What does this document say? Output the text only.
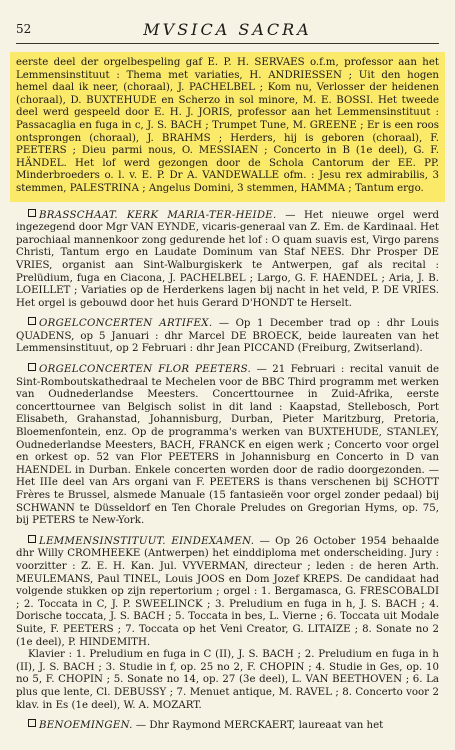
52	MVSICA SACRA

eerste deel der orgelbespeling gaf E. P. H. SERVAES o.f.m, professor aan het Lemmensinstituut : Thema met variaties, H. ANDRIESSEN ; Uit den hogen hemel daal ik neer, (choraal), J. PACHELBEL ; Kom nu, Verlosser der heidenen (choraal), D. BUXTEHUDE en Scherzo in sol minore, M. E. BOSSI. Het tweede deel werd gespeeld door E. H. J. JORIS, professor aan het Lemmensinstituut : Passacaglia en fuga in c, J. S. BACH ; Trumpet Tune, M. GREENE ; Er is een roos ontsprongen (choraal), J. BRAHMS ; Herders, hij is geboren (choraal), F. PEETERS ; Dieu parmi nous, O. MESSIAEN ; Concerto in B (1e deel), G. F. HÄNDEL. Het lof werd gezongen door de Schola Cantorum der EE. PP. Minderbroeders o. l. v. E. P. Dr A. VANDEWALLE ofm. : Jesu rex admirabilis, 3 stemmen, PALESTRINA ; Angelus Domini, 3 stemmen, HAMMA ; Tantum ergo.

BRASSCHAAT. KERK MARIA-TER-HEIDE. — Het nieuwe orgel werd ingezegend door Mgr VAN EYNDE, vicaris-generaal van Z. Em. de Kardinaal. Het parochiaal mannenkoor zong gedurende het lof : O quam suavis est, Virgo parens Christi, Tantum ergo en Laudate Dominum van Staf NEES. Dhr Prosper DE VRIES, organist aan Sint-Walburgiskerk te Antwerpen, gaf als recital : Prelüdium, fuga en Ciacona, J. PACHELBEL ; Largo, G. F. HAENDEL ; Aria, J. B. LOEILLET ; Variaties op de Herderkens lagen bij nacht in het veld, P. DE VRIES. Het orgel is gebouwd door het huis Gerard D'HONDT te Herselt.

ORGELCONCERTEN ARTIFEX. — Op 1 December trad op : dhr Louis QUADENS, op 5 Januari : dhr Marcel DE BROECK, beide laureaten van het Lemmensinstituut, op 2 Februari : dhr Jean PICCAND (Freiburg, Zwitserland).

ORGELCONCERTEN FLOR PEETERS. — 21 Februari : recital vanuit de Sint-Romboutskathedraal te Mechelen voor de BBC Third programm met werken van Oudnederlandse Meesters. Concerttournee in Zuid-Afrika, eerste concerttournee van Belgisch solist in dit land : Kaapstad, Stellebosch, Port Elisabeth, Grahanstad, Johannisburg, Durban, Pieter Maritzburg, Pretoria, Bloemenfontein, enz. Op de programma's werken van BUXTEHUDE, STANLEY, Oudnederlandse Meesters, BACH, FRANCK en eigen werk ; Concerto voor orgel en orkest op. 52 van Flor PEETERS in Johannisburg en Concerto in D van HAENDEL in Durban. Enkele concerten worden door de radio doorgezonden. — Het IIIe deel van Ars organi van F. PEETERS is thans verschenen bij SCHOTT Frères te Brussel, alsmede Manuale (15 fantasieën voor orgel zonder pedaal) bij SCHWANN te Düsseldorf en Ten Chorale Preludes on Gregorian Hyms, op. 75, bij PETERS te New-York.

LEMMENSINSTITUUT. EINDEXAMEN. — Op 26 October 1954 behaalde dhr Willy CROMHEEKE (Antwerpen) het einddiploma met onderscheiding. Jury : voorzitter : Z. E. H. Kan. Jul. VYVERMAN, directeur ; leden : de heren Arth. MEULEMANS, Paul TINEL, Louis JOOS en Dom Jozef KREPS. De candidaat had volgende stukken op zijn repertorium ; orgel : 1. Bergamasca, G. FRESCOBALDI ; 2. Toccata in C, J. P. SWEELINCK ; 3. Preludium en fuga in h, J. S. BACH ; 4. Dorische toccata, J. S. BACH ; 5. Toccata in bes, L. Vierne ; 6. Toccata uit Modale Suite, F. PEETERS ; 7. Toccata op het Veni Creator, G. LITAIZE ; 8. Sonate no 2 (1e deel), P. HINDEMITH.

Klavier : 1. Preludium en fuga in C (II), J. S. BACH ; 2. Preludium en fuga in h (II), J. S. BACH ; 3. Studie in f, op. 25 no 2, F. CHOPIN ; 4. Studie in Ges, op. 10 no 5, F. CHOPIN ; 5. Sonate no 14, op. 27 (3e deel), L. VAN BEETHOVEN ; 6. La plus que lente, Cl. DEBUSSY ; 7. Menuet antique, M. RAVEL ; 8. Concerto voor 2 klav. in Es (1e deel), W. A. MOZART.

BENOEMINGEN. — Dhr Raymond MERCKAERT, laureaat van het
